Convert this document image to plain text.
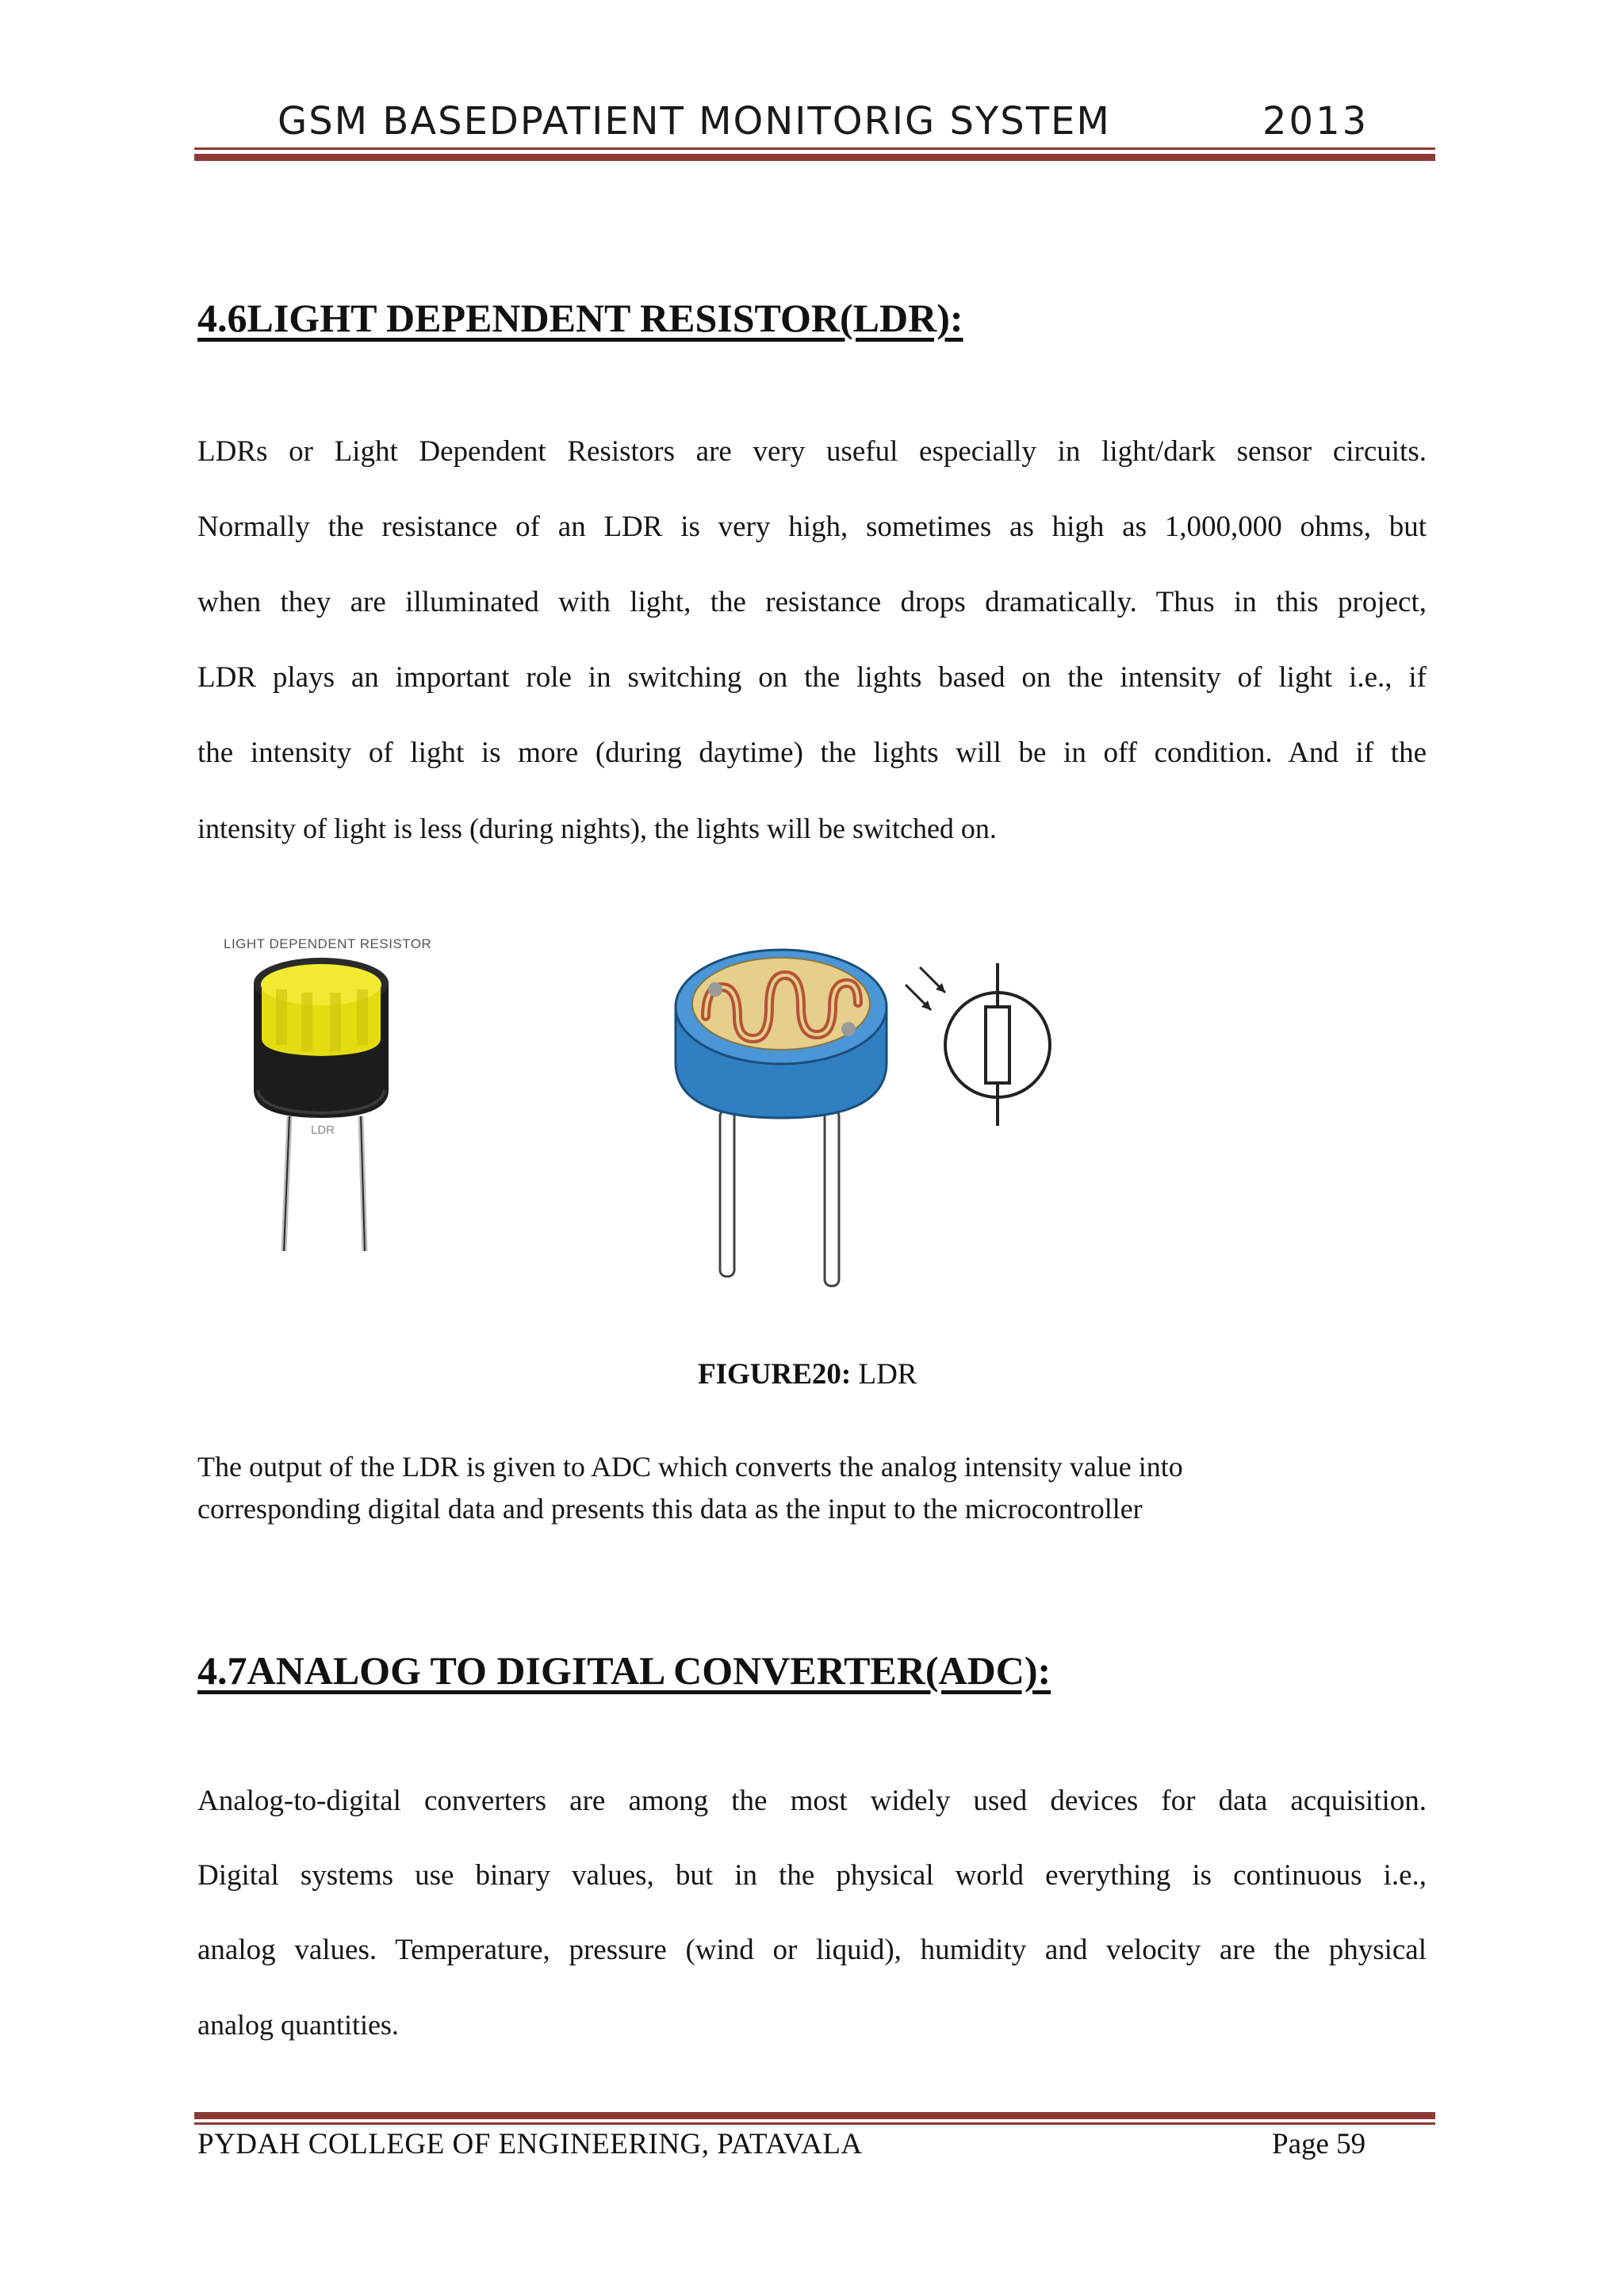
GSM BASEDPATIENT MONITORIG SYSTEM	2013
4.6LIGHT DEPENDENT RESISTOR(LDR):
LDRs or Light Dependent Resistors are very useful especially in light/dark sensor circuits.
Normally the resistance of an LDR is very high, sometimes as high as 1,000,000 ohms, but
when they are illuminated with light, the resistance drops dramatically. Thus in this project,
LDR plays an important role in switching on the lights based on the intensity of light i.e., if
the intensity of light is more (during daytime) the lights will be in off condition. And if the
intensity of light is less (during nights), the lights will be switched on.
LIGHT DEPENDENT RESISTOR
LDR
FIGURE20: LDR
The output of the LDR is given to ADC which converts the analog intensity value into
corresponding digital data and presents this data as the input to the microcontroller
4.7ANALOG TO DIGITAL CONVERTER(ADC):
Analog-to-digital converters are among the most widely used devices for data acquisition.
Digital systems use binary values, but in the physical world everything is continuous i.e.,
analog values. Temperature, pressure (wind or liquid), humidity and velocity are the physical
analog quantities.
PYDAH COLLEGE OF ENGINEERING, PATAVALA	Page 59
